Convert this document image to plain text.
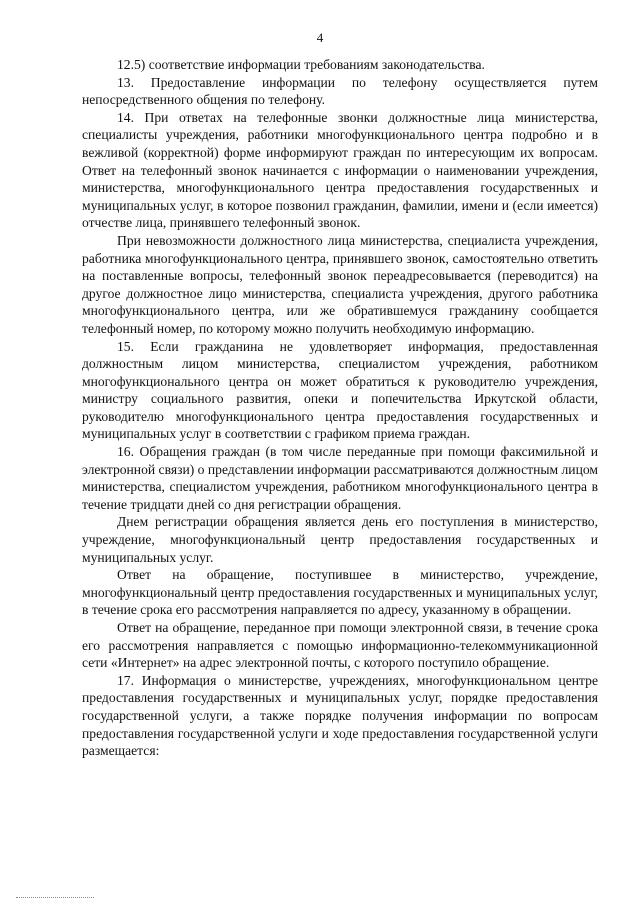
4

12.5) соответствие информации требованиям законодательства.

13. Предоставление информации по телефону осуществляется путем непосредственного общения по телефону.

14. При ответах на телефонные звонки должностные лица министерства, специалисты учреждения, работники многофункционального центра подробно и в вежливой (корректной) форме информируют граждан по интересующим их вопросам. Ответ на телефонный звонок начинается с информации о наименовании учреждения, министерства, многофункционального центра предоставления государственных и муниципальных услуг, в которое позвонил гражданин, фамилии, имени и (если имеется) отчестве лица, принявшего телефонный звонок.

При невозможности должностного лица министерства, специалиста учреждения, работника многофункционального центра, принявшего звонок, самостоятельно ответить на поставленные вопросы, телефонный звонок переадресовывается (переводится) на другое должностное лицо министерства, специалиста учреждения, другого работника многофункционального центра, или же обратившемуся гражданину сообщается телефонный номер, по которому можно получить необходимую информацию.

15. Если гражданина не удовлетворяет информация, предоставленная должностным лицом министерства, специалистом учреждения, работником многофункционального центра он может обратиться к руководителю учреждения, министру социального развития, опеки и попечительства Иркутской области, руководителю многофункционального центра предоставления государственных и муниципальных услуг в соответствии с графиком приема граждан.

16. Обращения граждан (в том числе переданные при помощи факсимильной и электронной связи) о представлении информации рассматриваются должностным лицом министерства, специалистом учреждения, работником многофункционального центра в течение тридцати дней со дня регистрации обращения.

Днем регистрации обращения является день его поступления в министерство, учреждение, многофункциональный центр предоставления государственных и муниципальных услуг.

Ответ на обращение, поступившее в министерство, учреждение, многофункциональный центр предоставления государственных и муниципальных услуг, в течение срока его рассмотрения направляется по адресу, указанному в обращении.

Ответ на обращение, переданное при помощи электронной связи, в течение срока его рассмотрения направляется с помощью информационно-телекоммуникационной сети «Интернет» на адрес электронной почты, с которого поступило обращение.

17. Информация о министерстве, учреждениях, многофункциональном центре предоставления государственных и муниципальных услуг, порядке предоставления государственной услуги, а также порядке получения информации по вопросам предоставления государственной услуги и ходе предоставления государственной услуги размещается:
